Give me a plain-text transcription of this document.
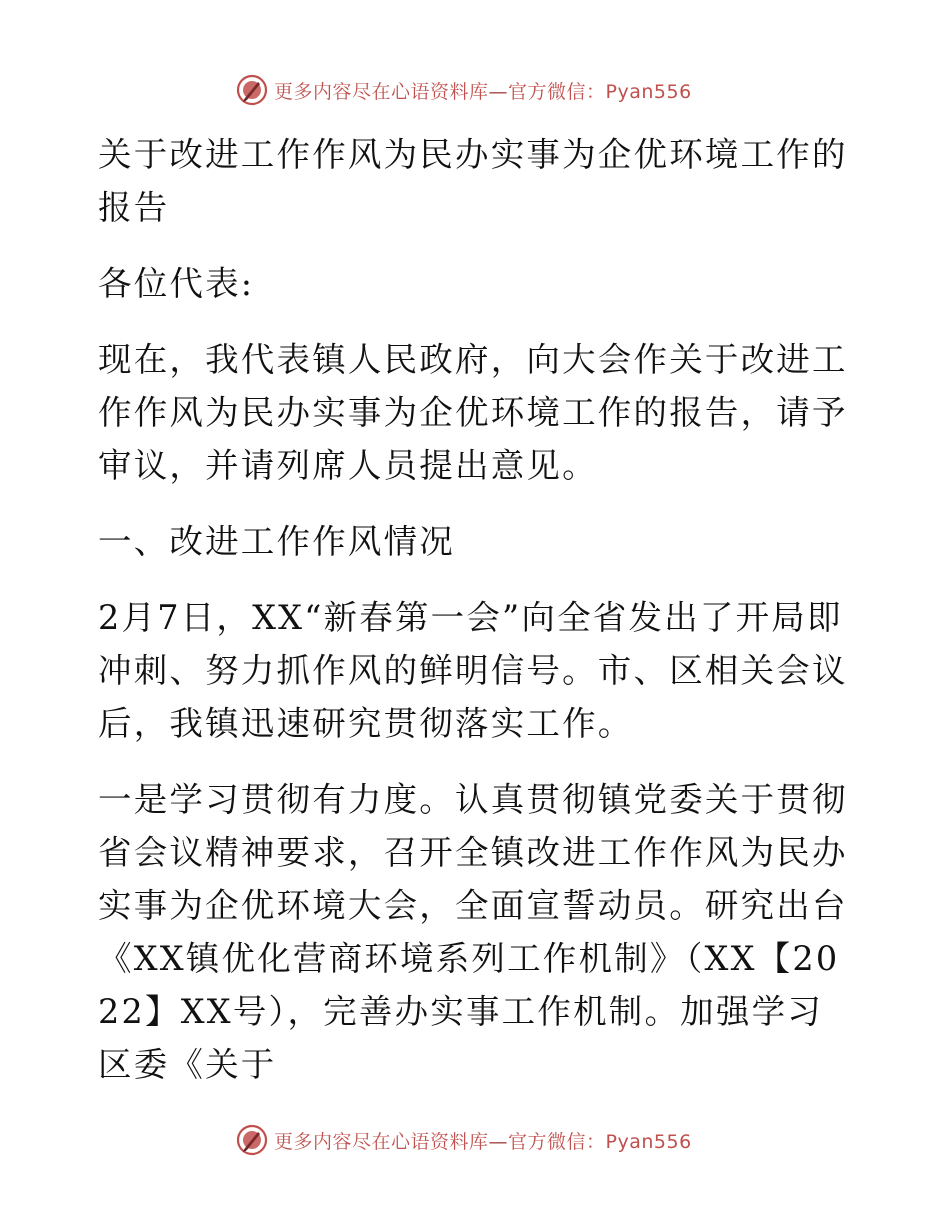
更多内容尽在心语资料库—官方微信：Pyan556

关于改进工作作风为民办实事为企优环境工作的报告

各位代表:

现在，我代表镇人民政府，向大会作关于改进工作作风为民办实事为企优环境工作的报告，请予审议，并请列席人员提出意见。

一、改进工作作风情况

2月7日，XX“新春第一会”向全省发出了开局即冲刺、努力抓作风的鲜明信号。市、区相关会议后，我镇迅速研究贯彻落实工作。

一是学习贯彻有力度。认真贯彻镇党委关于贯彻省会议精神要求，召开全镇改进工作作风为民办实事为企优环境大会，全面宣誓动员。研究出台《XX镇优化营商环境系列工作机制》（XX【2022】XX号），完善办实事工作机制。加强学习区委《关于

更多内容尽在心语资料库—官方微信：Pyan556
